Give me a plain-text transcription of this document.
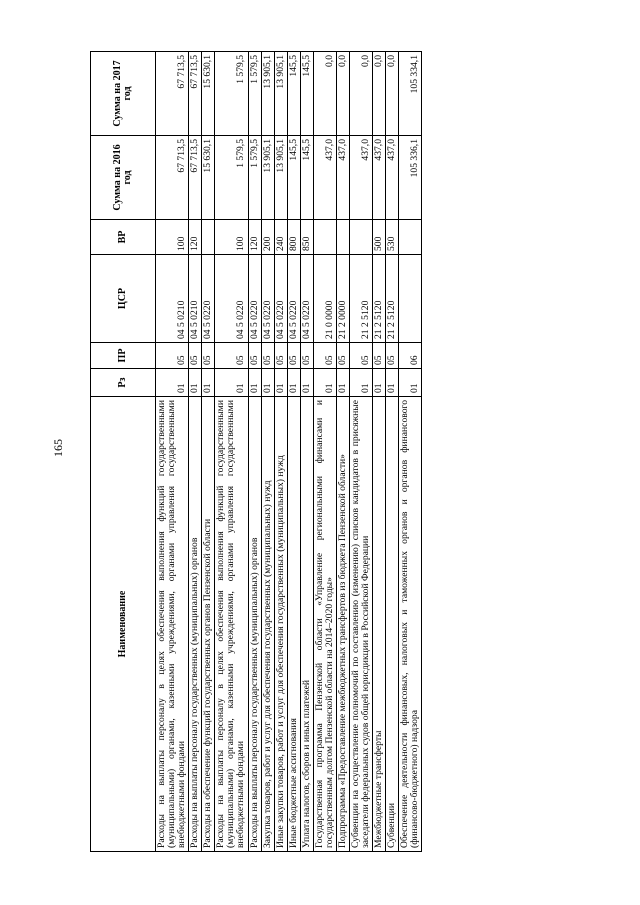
165
Наименование	Рз	ПР	ЦСР	ВР	Сумма на 2016 год	Сумма на 2017 год
Расходы на выплаты персоналу в целях обеспечения выполнения функций государственными (муниципальными) органами, казенными учреждениями, органами управления государственными внебюджетными фондами	01	05	04 5 0210	100	67 713,5	67 713,5
Расходы на выплаты персоналу государственных (муниципальных) органов	01	05	04 5 0210	120	67 713,5	67 713,5
Расходы на обеспечение функций государственных органов Пензенской области	01	05	04 5 0220		15 630,1	15 630,1
Расходы на выплаты персоналу в целях обеспечения выполнения функций государственными (муниципальными) органами, казенными учреждениями, органами управления государственными внебюджетными фондами	01	05	04 5 0220	100	1 579,5	1 579,5
Расходы на выплаты персоналу государственных (муниципальных) органов	01	05	04 5 0220	120	1 579,5	1 579,5
Закупка товаров, работ и услуг для обеспечения государственных (муниципальных) нужд	01	05	04 5 0220	200	13 905,1	13 905,1
Иные закупки товаров, работ и услуг для обеспечения государственных (муниципальных) нужд	01	05	04 5 0220	240	13 905,1	13 905,1
Иные бюджетные ассигнования	01	05	04 5 0220	800	145,5	145,5
Уплата налогов, сборов и иных платежей	01	05	04 5 0220	850	145,5	145,5
Государственная программа Пензенской области «Управление региональными финансами и государственным долгом Пензенской области на 2014–2020 годы»	01	05	21 0 0000		437,0	0,0
Подпрограмма «Предоставление межбюджетных трансфертов из бюджета Пензенской области»	01	05	21 2 0000		437,0	0,0
Субвенции на осуществление полномочий по составлению (изменению) списков кандидатов в присяжные заседатели федеральных судов общей юрисдикции в Российской Федерации	01	05	21 2 5120		437,0	0,0
Межбюджетные трансферты	01	05	21 2 5120	500	437,0	0,0
Субвенции	01	05	21 2 5120	530	437,0	0,0
Обеспечение деятельности финансовых, налоговых и таможенных органов и органов финансового (финансово-бюджетного) надзора	01	06			105 336,1	105 334,1
